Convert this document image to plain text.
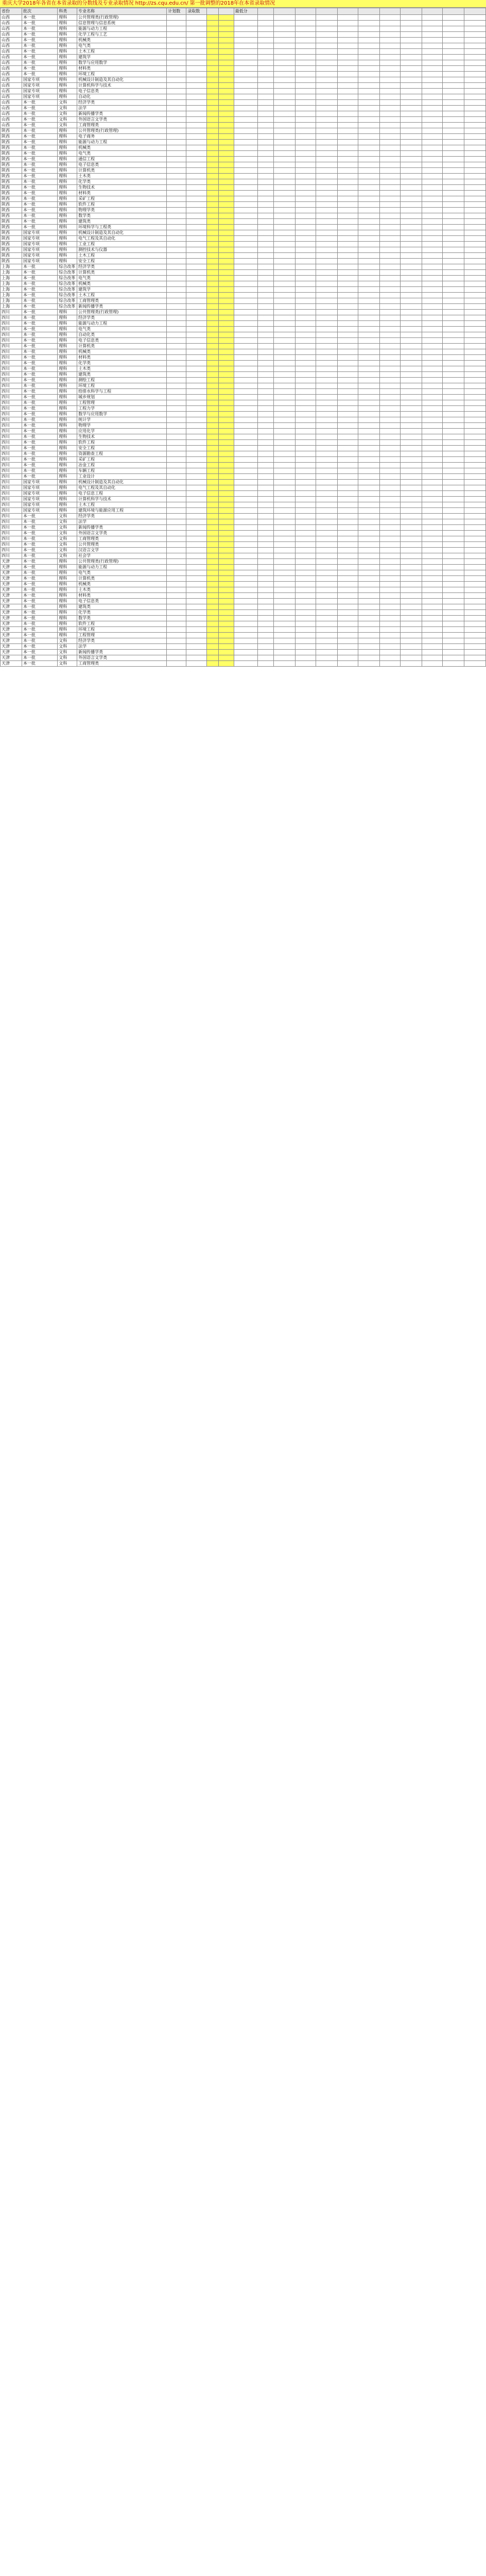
重庆大学2018年各省在本省录取的分数线及专业录取情况 http://zs.cqu.edu.cn/ 第一批调整的2018年在本省录取情况
省份	批次	科类	专业名称	计划数	录取数			最低分											
山西	本一批	理科	公共管理类(行政管理)																
山西	本一批	理科	信息管理与信息系统																
山西	本一批	理科	能源与动力工程																
山西	本一批	理科	化学工程与工艺																
山西	本一批	理科	机械类																
山西	本一批	理科	电气类																
山西	本一批	理科	土木工程																
山西	本一批	理科	建筑学																
山西	本一批	理科	数学与应用数学																
山西	本一批	理科	材料类																
山西	本一批	理科	环境工程																
山西	国家专项	理科	机械设计制造及其自动化																
山西	国家专项	理科	计算机科学与技术																
山西	国家专项	理科	电子信息类																
山西	国家专项	理科	自动化																
山西	本一批	文科	经济学类																
山西	本一批	文科	法学																
山西	本一批	文科	新闻传播学类																
山西	本一批	文科	外国语言文学类																
山西	本一批	文科	工商管理类																
陕西	本一批	理科	公共管理类(行政管理)																
陕西	本一批	理科	电子商务																
陕西	本一批	理科	能源与动力工程																
陕西	本一批	理科	机械类																
陕西	本一批	理科	电气类																
陕西	本一批	理科	通信工程																
陕西	本一批	理科	电子信息类																
陕西	本一批	理科	计算机类																
陕西	本一批	理科	土木类																
陕西	本一批	理科	化学类																
陕西	本一批	理科	生物技术																
陕西	本一批	理科	材料类																
陕西	本一批	理科	采矿工程																
陕西	本一批	理科	软件工程																
陕西	本一批	理科	物理学类																
陕西	本一批	理科	数学类																
陕西	本一批	理科	建筑类																
陕西	本一批	理科	环境科学与工程类																
陕西	国家专项	理科	机械设计制造及其自动化																
陕西	国家专项	理科	电气工程及其自动化																
陕西	国家专项	理科	工业工程																
陕西	国家专项	理科	测控技术与仪器																
陕西	国家专项	理科	土木工程																
陕西	国家专项	理科	安全工程																
上海	本一批	综合改革	经济学类																
上海	本一批	综合改革	计算机类																
上海	本一批	综合改革	电气类																
上海	本一批	综合改革	机械类																
上海	本一批	综合改革	建筑学																
上海	本一批	综合改革	土木工程																
上海	本一批	综合改革	工商管理类																
上海	本一批	综合改革	新闻传播学类																
四川	本一批	理科	公共管理类(行政管理)																
四川	本一批	理科	经济学类																
四川	本一批	理科	能源与动力工程																
四川	本一批	理科	电气类																
四川	本一批	理科	自动化类																
四川	本一批	理科	电子信息类																
四川	本一批	理科	计算机类																
四川	本一批	理科	机械类																
四川	本一批	理科	材料类																
四川	本一批	理科	化学类																
四川	本一批	理科	土木类																
四川	本一批	理科	建筑类																
四川	本一批	理科	测绘工程																
四川	本一批	理科	环境工程																
四川	本一批	理科	给排水科学与工程																
四川	本一批	理科	城乡规划																
四川	本一批	理科	工程管理																
四川	本一批	理科	工程力学																
四川	本一批	理科	数学与应用数学																
四川	本一批	理科	统计学																
四川	本一批	理科	物理学																
四川	本一批	理科	应用化学																
四川	本一批	理科	生物技术																
四川	本一批	理科	软件工程																
四川	本一批	理科	安全工程																
四川	本一批	理科	资源勘查工程																
四川	本一批	理科	采矿工程																
四川	本一批	理科	冶金工程																
四川	本一批	理科	车辆工程																
四川	本一批	理科	工业设计																
四川	国家专项	理科	机械设计制造及其自动化																
四川	国家专项	理科	电气工程及其自动化																
四川	国家专项	理科	电子信息工程																
四川	国家专项	理科	计算机科学与技术																
四川	国家专项	理科	土木工程																
四川	国家专项	理科	建筑环境与能源应用工程																
四川	本一批	文科	经济学类																
四川	本一批	文科	法学																
四川	本一批	文科	新闻传播学类																
四川	本一批	文科	外国语言文学类																
四川	本一批	文科	工商管理类																
四川	本一批	文科	公共管理类																
四川	本一批	文科	汉语言文学																
四川	本一批	文科	社会学																
天津	本一批	理科	公共管理类(行政管理)																
天津	本一批	理科	能源与动力工程																
天津	本一批	理科	电气类																
天津	本一批	理科	计算机类																
天津	本一批	理科	机械类																
天津	本一批	理科	土木类																
天津	本一批	理科	材料类																
天津	本一批	理科	电子信息类																
天津	本一批	理科	建筑类																
天津	本一批	理科	化学类																
天津	本一批	理科	数学类																
天津	本一批	理科	软件工程																
天津	本一批	理科	环境工程																
天津	本一批	理科	工程管理																
天津	本一批	文科	经济学类																
天津	本一批	文科	法学																
天津	本一批	文科	新闻传播学类																
天津	本一批	文科	外国语言文学类																
天津	本一批	文科	工商管理类																
